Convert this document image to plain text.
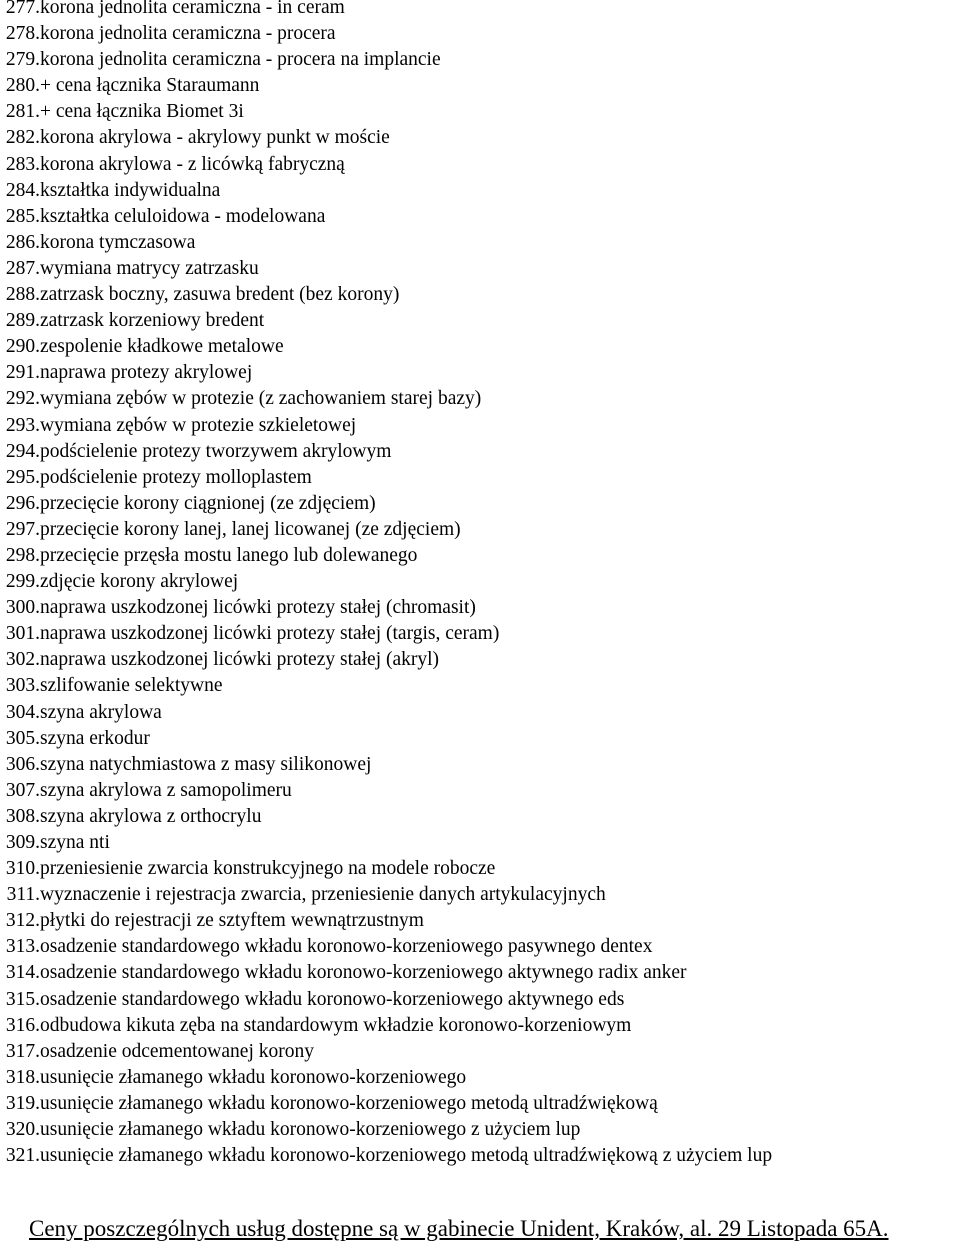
277. korona jednolita ceramiczna - in ceram
278. korona jednolita ceramiczna - procera
279. korona jednolita ceramiczna - procera na implancie
280. + cena łącznika Staraumann
281. + cena łącznika Biomet 3i
282. korona akrylowa - akrylowy punkt w moście
283. korona akrylowa - z licówką fabryczną
284. kształtka indywidualna
285. kształtka celuloidowa - modelowana
286. korona tymczasowa
287. wymiana matrycy zatrzasku
288. zatrzask boczny, zasuwa bredent (bez korony)
289. zatrzask korzeniowy bredent
290. zespolenie kładkowe metalowe
291. naprawa protezy akrylowej
292. wymiana zębów w protezie (z zachowaniem starej bazy)
293. wymiana zębów w protezie szkieletowej
294. podścielenie protezy tworzywem akrylowym
295. podścielenie protezy molloplastem
296. przecięcie korony ciągnionej (ze zdjęciem)
297. przecięcie korony lanej, lanej licowanej (ze zdjęciem)
298. przecięcie przęsła mostu lanego lub dolewanego
299. zdjęcie korony akrylowej
300. naprawa uszkodzonej licówki protezy stałej (chromasit)
301. naprawa uszkodzonej licówki protezy stałej (targis, ceram)
302. naprawa uszkodzonej licówki protezy stałej (akryl)
303. szlifowanie selektywne
304. szyna akrylowa
305. szyna erkodur
306. szyna natychmiastowa z masy silikonowej
307. szyna akrylowa z samopolimeru
308. szyna akrylowa z orthocrylu
309. szyna nti
310. przeniesienie zwarcia konstrukcyjnego na modele robocze
311. wyznaczenie i rejestracja zwarcia, przeniesienie danych artykulacyjnych
312. płytki do rejestracji ze sztyftem wewnątrzustnym
313. osadzenie standardowego wkładu koronowo-korzeniowego pasywnego dentex
314. osadzenie standardowego wkładu koronowo-korzeniowego aktywnego radix anker
315. osadzenie standardowego wkładu koronowo-korzeniowego aktywnego eds
316. odbudowa kikuta zęba na standardowym wkładzie koronowo-korzeniowym
317. osadzenie odcementowanej korony
318. usunięcie złamanego wkładu koronowo-korzeniowego
319. usunięcie złamanego wkładu koronowo-korzeniowego metodą ultradźwiękową
320. usunięcie złamanego wkładu koronowo-korzeniowego z użyciem lup
321. usunięcie złamanego wkładu koronowo-korzeniowego metodą ultradźwiękową z użyciem lup
Ceny poszczególnych usług dostępne są w gabinecie Unident, Kraków, al. 29 Listopada 65A.
